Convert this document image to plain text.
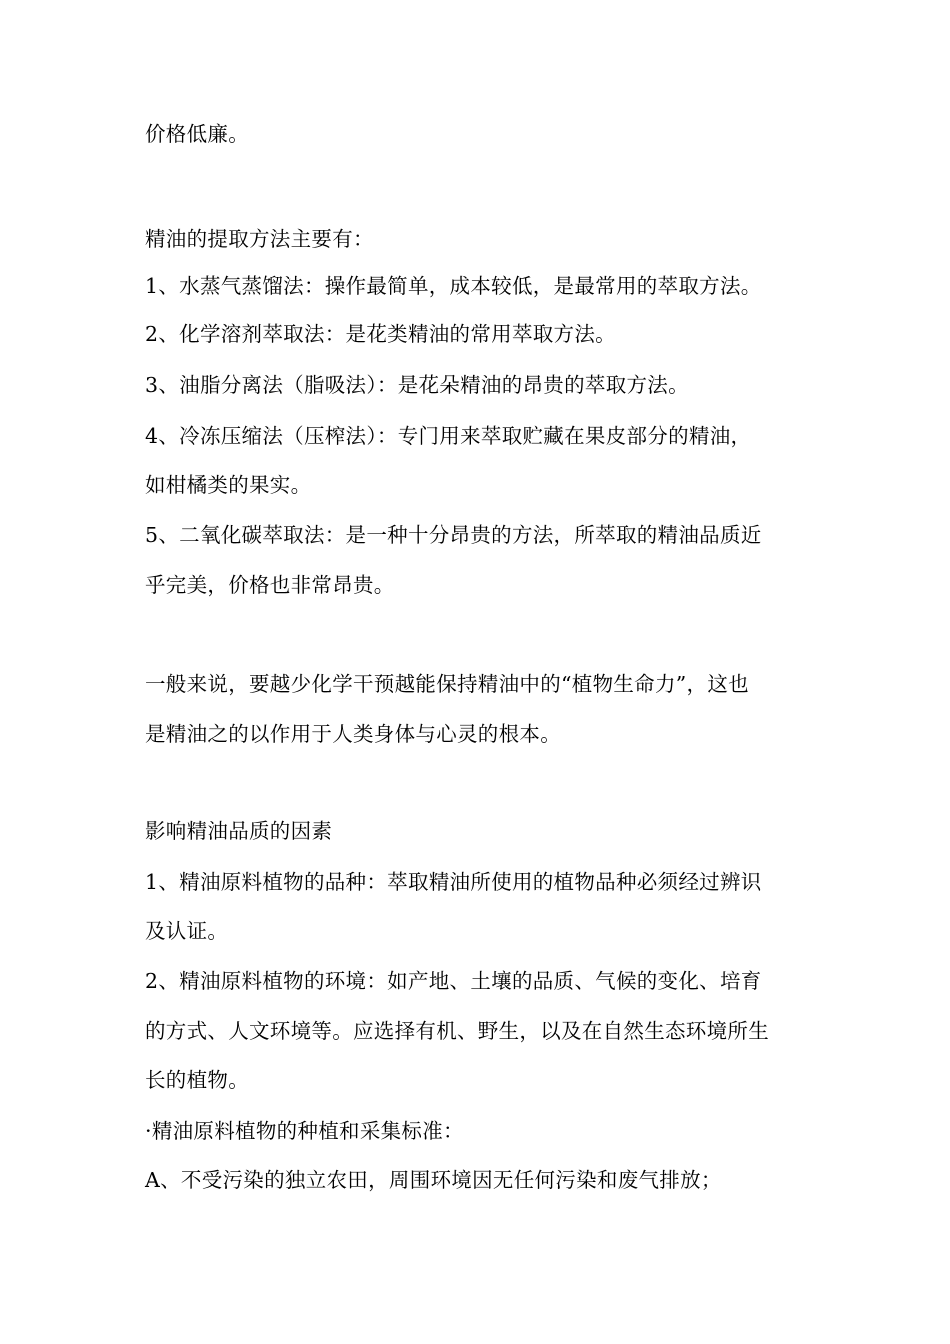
价格低廉。
精油的提取方法主要有：
1、水蒸气蒸馏法：操作最简单，成本较低，是最常用的萃取方法。
2、化学溶剂萃取法：是花类精油的常用萃取方法。
3、油脂分离法（脂吸法）：是花朵精油的昂贵的萃取方法。
4、冷冻压缩法（压榨法）：专门用来萃取贮藏在果皮部分的精油，
如柑橘类的果实。
5、二氧化碳萃取法：是一种十分昂贵的方法，所萃取的精油品质近
乎完美，价格也非常昂贵。
一般来说，要越少化学干预越能保持精油中的“植物生命力”，这也
是精油之的以作用于人类身体与心灵的根本。
影响精油品质的因素
1、精油原料植物的品种：萃取精油所使用的植物品种必须经过辨识
及认证。
2、精油原料植物的环境：如产地、土壤的品质、气候的变化、培育
的方式、人文环境等。应选择有机、野生，以及在自然生态环境所生
长的植物。
·精油原料植物的种植和采集标准：
A、不受污染的独立农田，周围环境因无任何污染和废气排放；
